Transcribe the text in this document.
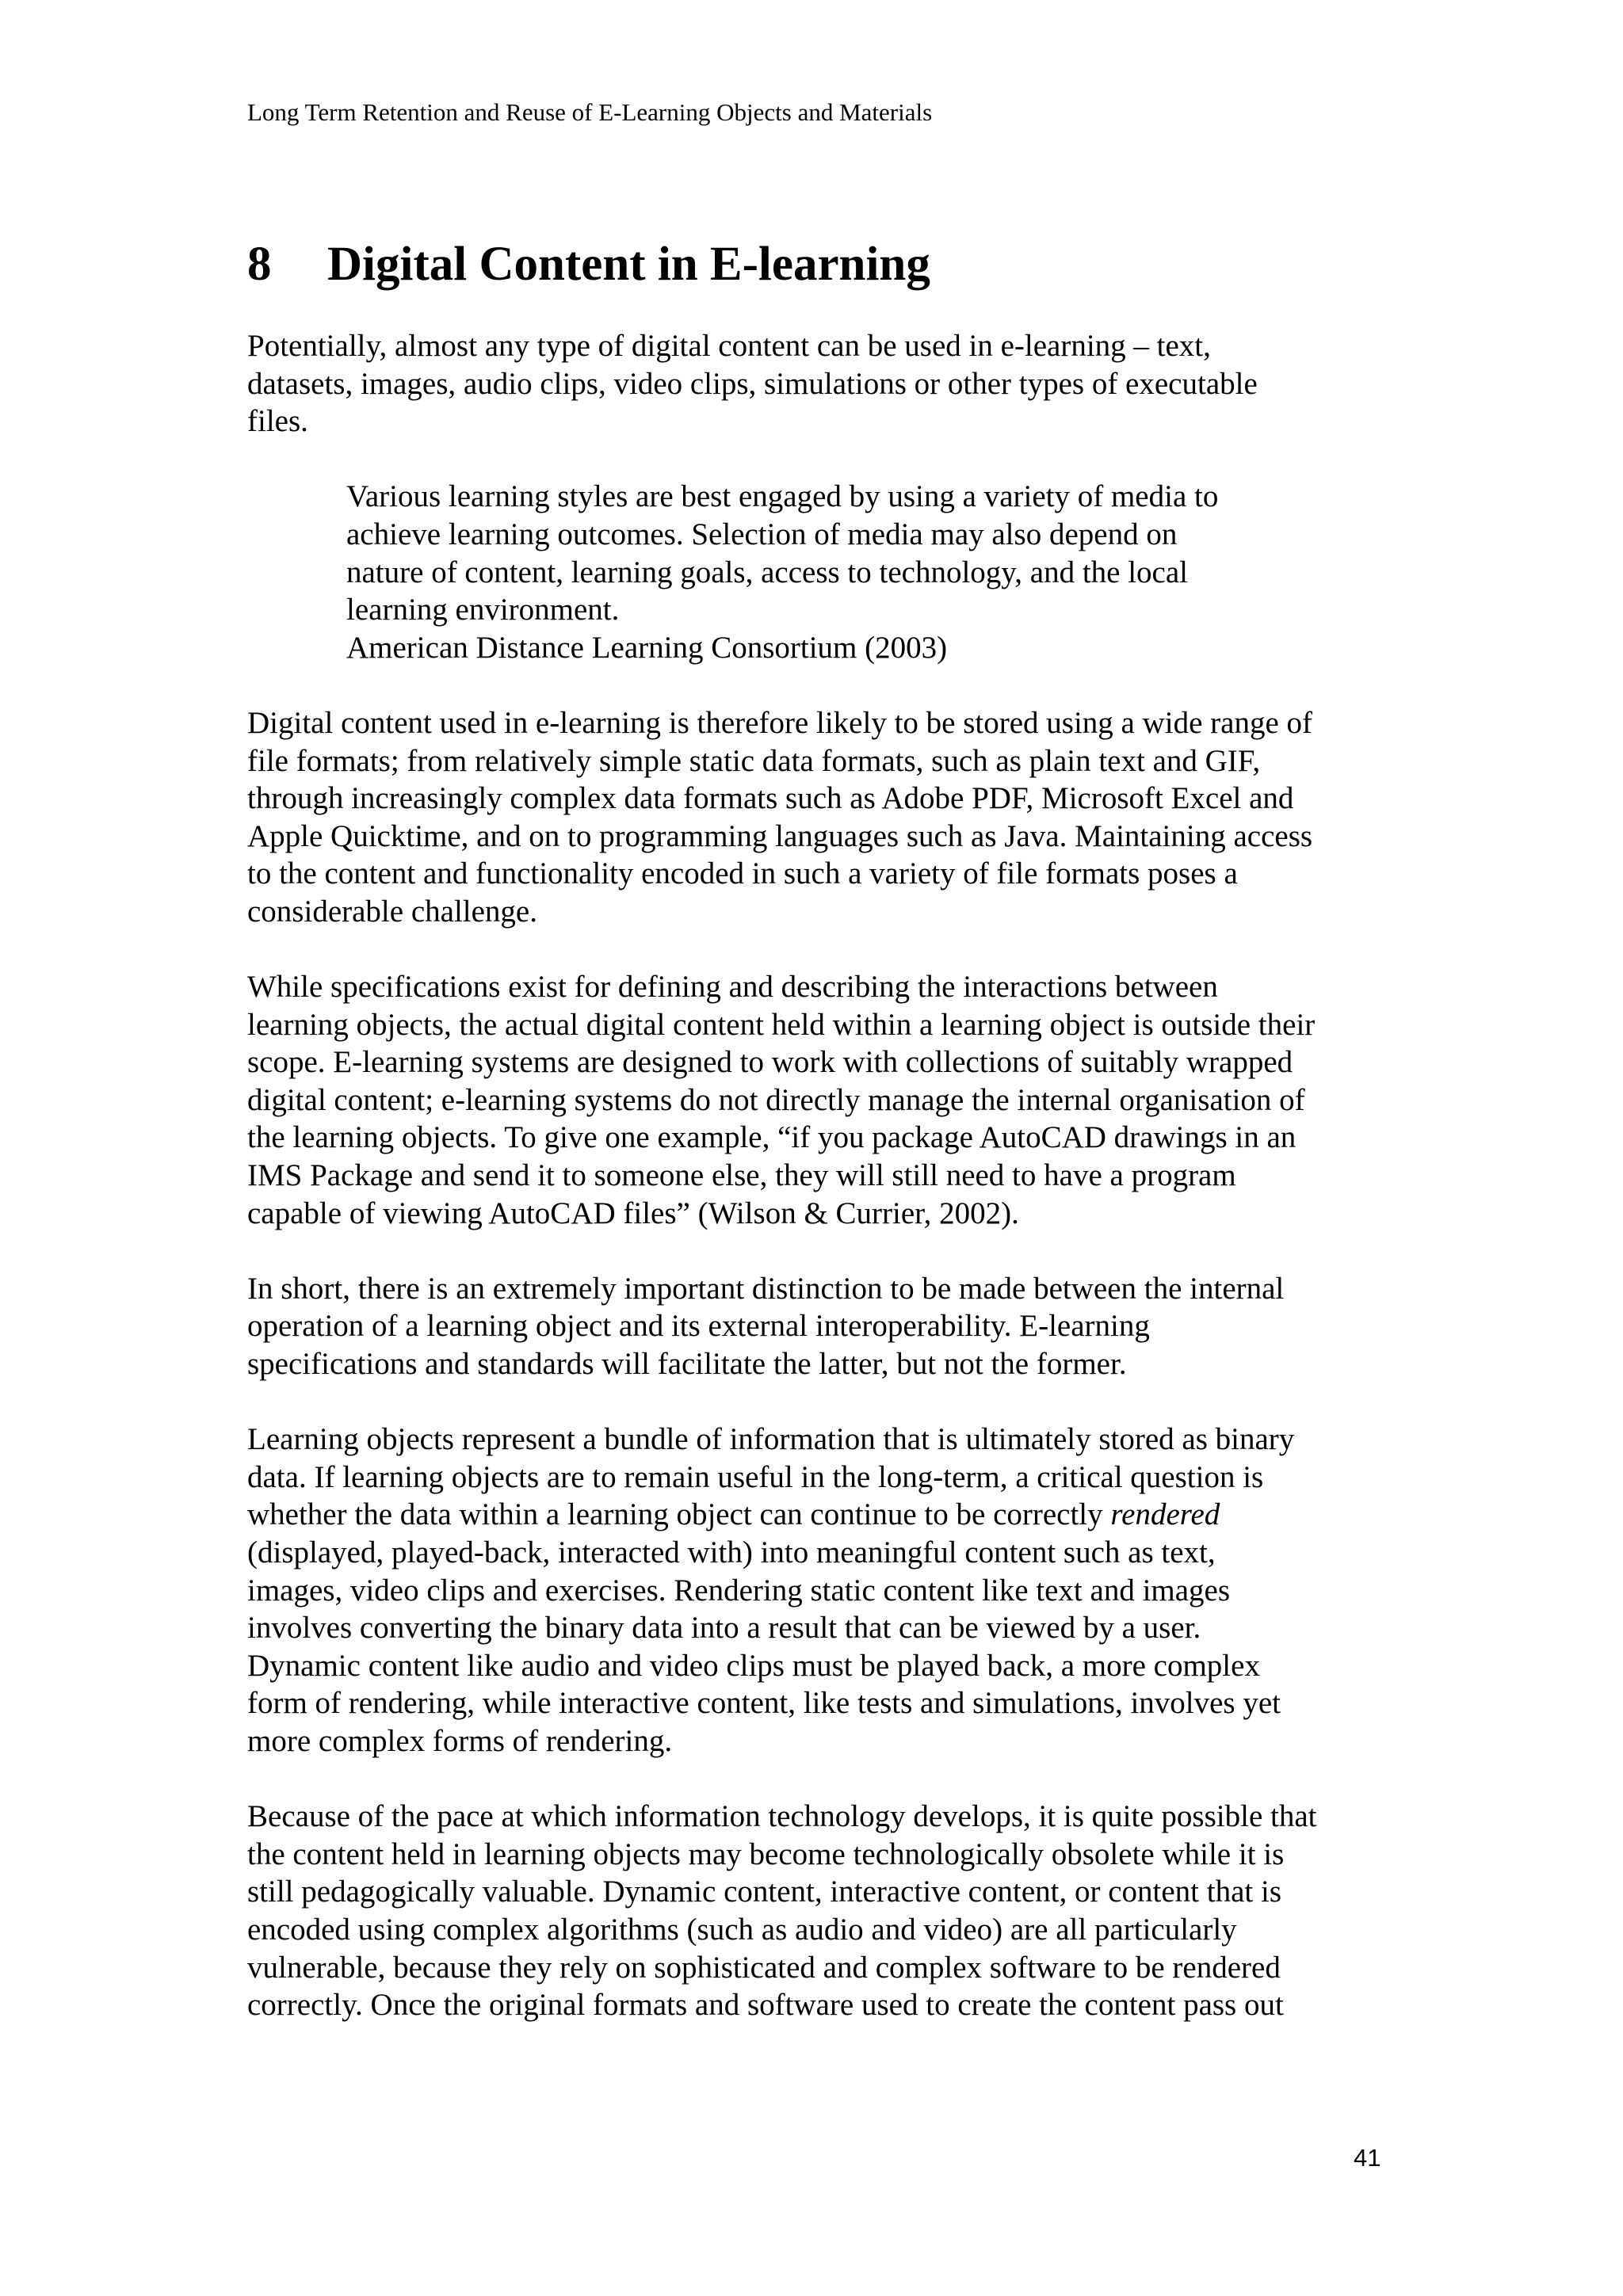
Long Term Retention and Reuse of E-Learning Objects and Materials
8 Digital Content in E-learning

Potentially, almost any type of digital content can be used in e-learning – text,
datasets, images, audio clips, video clips, simulations or other types of executable
files.

Various learning styles are best engaged by using a variety of media to
achieve learning outcomes. Selection of media may also depend on
nature of content, learning goals, access to technology, and the local
learning environment.
American Distance Learning Consortium (2003)

Digital content used in e-learning is therefore likely to be stored using a wide range of
file formats; from relatively simple static data formats, such as plain text and GIF,
through increasingly complex data formats such as Adobe PDF, Microsoft Excel and
Apple Quicktime, and on to programming languages such as Java. Maintaining access
to the content and functionality encoded in such a variety of file formats poses a
considerable challenge.

While specifications exist for defining and describing the interactions between
learning objects, the actual digital content held within a learning object is outside their
scope. E-learning systems are designed to work with collections of suitably wrapped
digital content; e-learning systems do not directly manage the internal organisation of
the learning objects. To give one example, “if you package AutoCAD drawings in an
IMS Package and send it to someone else, they will still need to have a program
capable of viewing AutoCAD files” (Wilson & Currier, 2002).

In short, there is an extremely important distinction to be made between the internal
operation of a learning object and its external interoperability. E-learning
specifications and standards will facilitate the latter, but not the former.

Learning objects represent a bundle of information that is ultimately stored as binary
data. If learning objects are to remain useful in the long-term, a critical question is
whether the data within a learning object can continue to be correctly rendered
(displayed, played-back, interacted with) into meaningful content such as text,
images, video clips and exercises. Rendering static content like text and images
involves converting the binary data into a result that can be viewed by a user.
Dynamic content like audio and video clips must be played back, a more complex
form of rendering, while interactive content, like tests and simulations, involves yet
more complex forms of rendering.

Because of the pace at which information technology develops, it is quite possible that
the content held in learning objects may become technologically obsolete while it is
still pedagogically valuable. Dynamic content, interactive content, or content that is
encoded using complex algorithms (such as audio and video) are all particularly
vulnerable, because they rely on sophisticated and complex software to be rendered
correctly. Once the original formats and software used to create the content pass out

41
